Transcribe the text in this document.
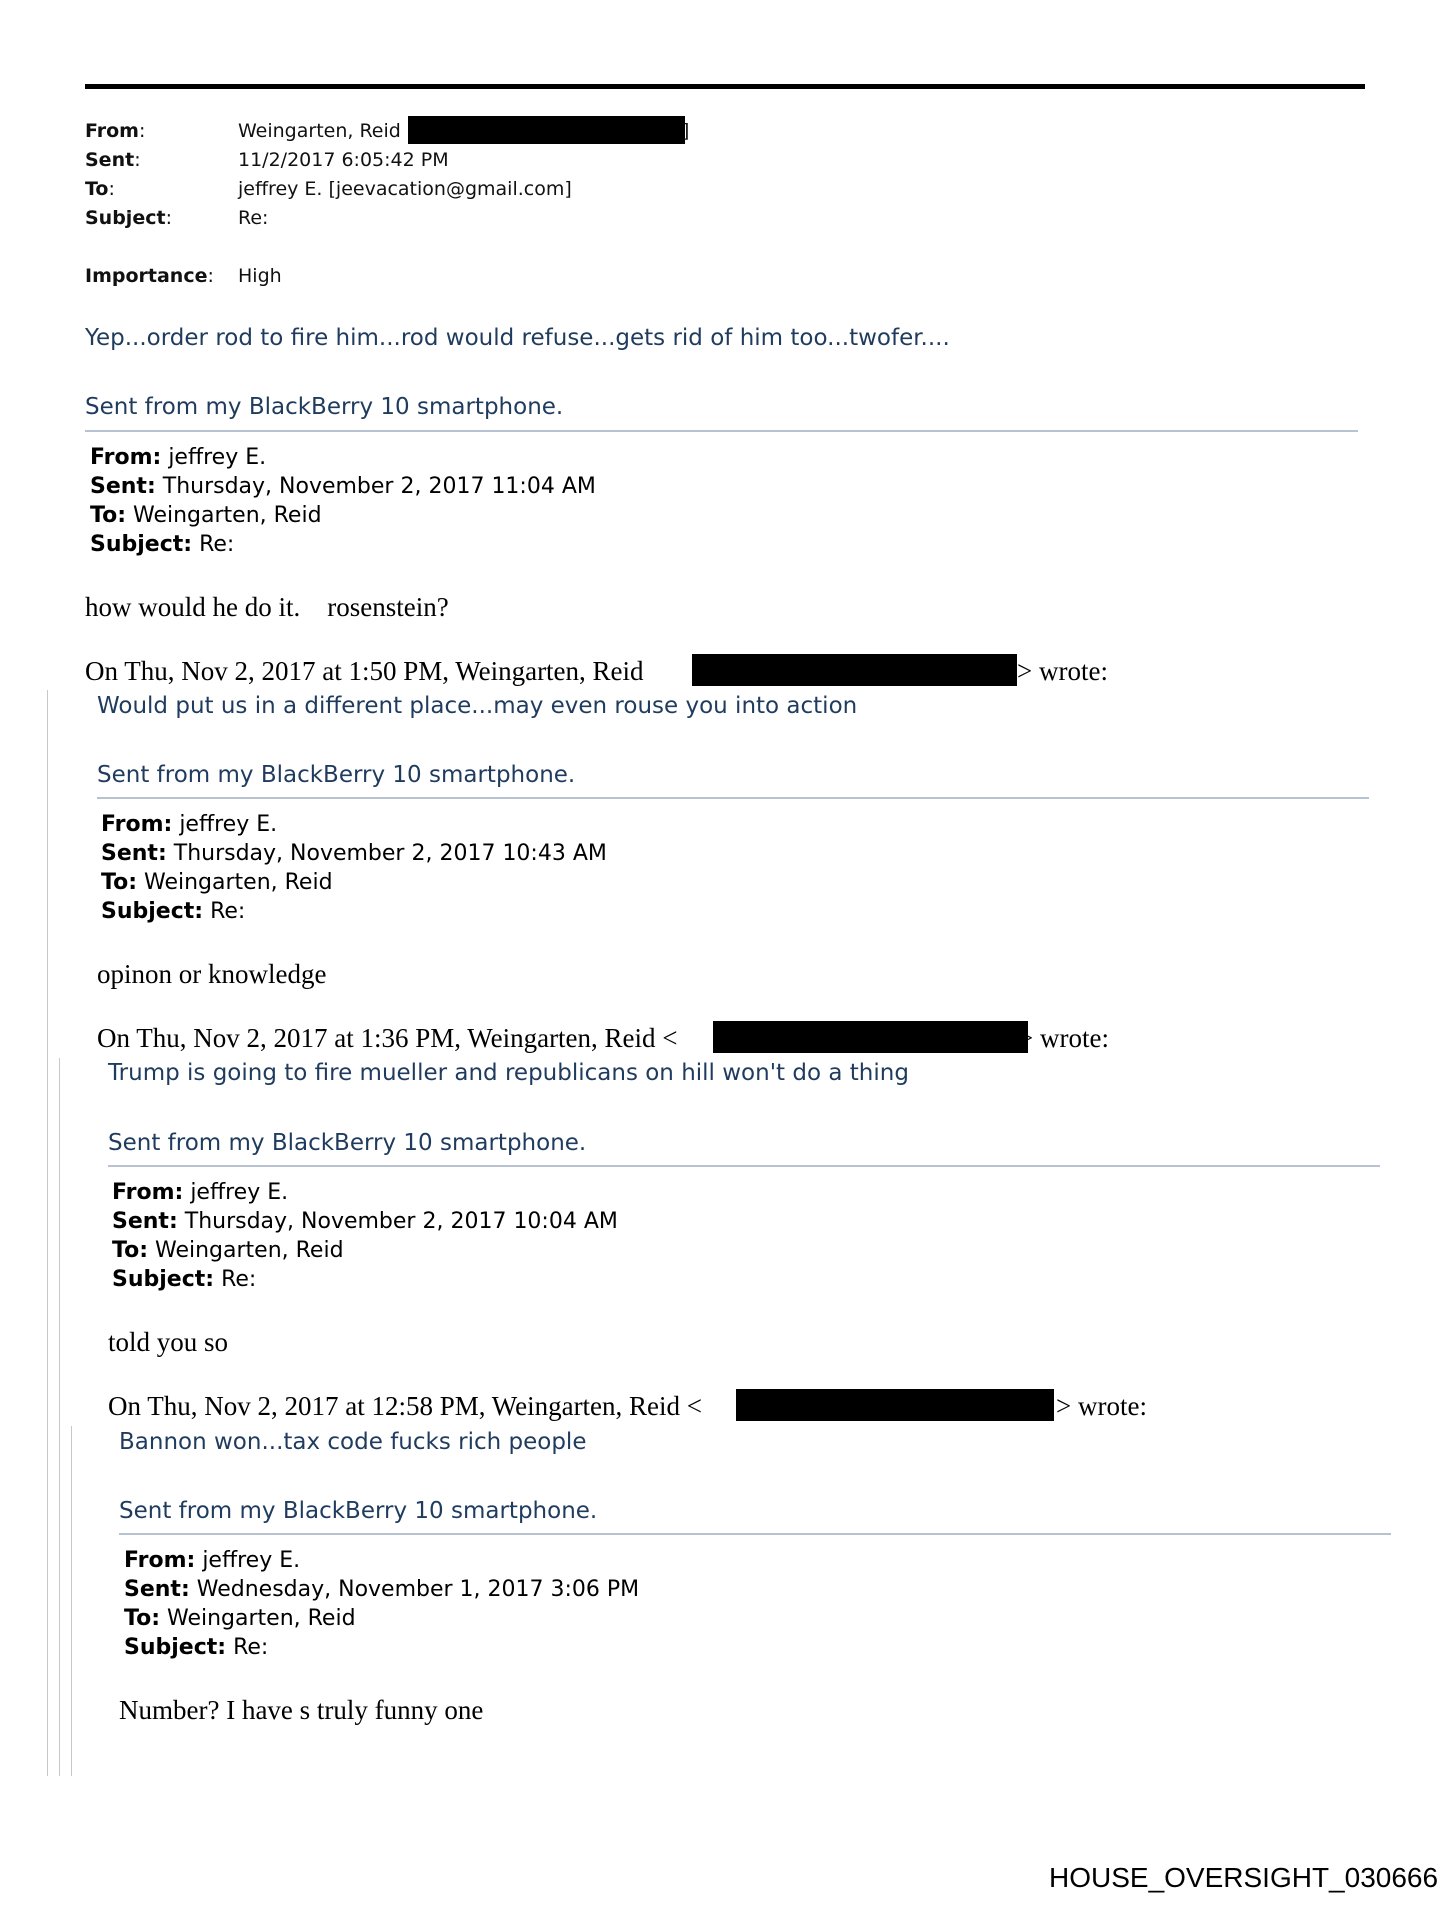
From:	Weingarten, Reid	]
Sent:	11/2/2017 6:05:42 PM
To:	jeffrey E. [jeevacation@gmail.com]
Subject:	Re:
Importance: High
Yep...order rod to fire him...rod would refuse...gets rid of him too...twofer....
Sent from my BlackBerry 10 smartphone.
From: jeffrey E.
Sent: Thursday, November 2, 2017 11:04 AM
To: Weingarten, Reid
Subject: Re:
how would he do it.    rosenstein?
On Thu, Nov 2, 2017 at 1:50 PM, Weingarten, Reid	> wrote:
Would put us in a different place...may even rouse you into action
Sent from my BlackBerry 10 smartphone.
From: jeffrey E.
Sent: Thursday, November 2, 2017 10:43 AM
To: Weingarten, Reid
Subject: Re:
opinon or knowledge
On Thu, Nov 2, 2017 at 1:36 PM, Weingarten, Reid <	> wrote:
Trump is going to fire mueller and republicans on hill won't do a thing
Sent from my BlackBerry 10 smartphone.
From: jeffrey E.
Sent: Thursday, November 2, 2017 10:04 AM
To: Weingarten, Reid
Subject: Re:
told you so
On Thu, Nov 2, 2017 at 12:58 PM, Weingarten, Reid <	> wrote:
Bannon won...tax code fucks rich people
Sent from my BlackBerry 10 smartphone.
From: jeffrey E.
Sent: Wednesday, November 1, 2017 3:06 PM
To: Weingarten, Reid
Subject: Re:
Number? I have s truly funny one
HOUSE_OVERSIGHT_030666
